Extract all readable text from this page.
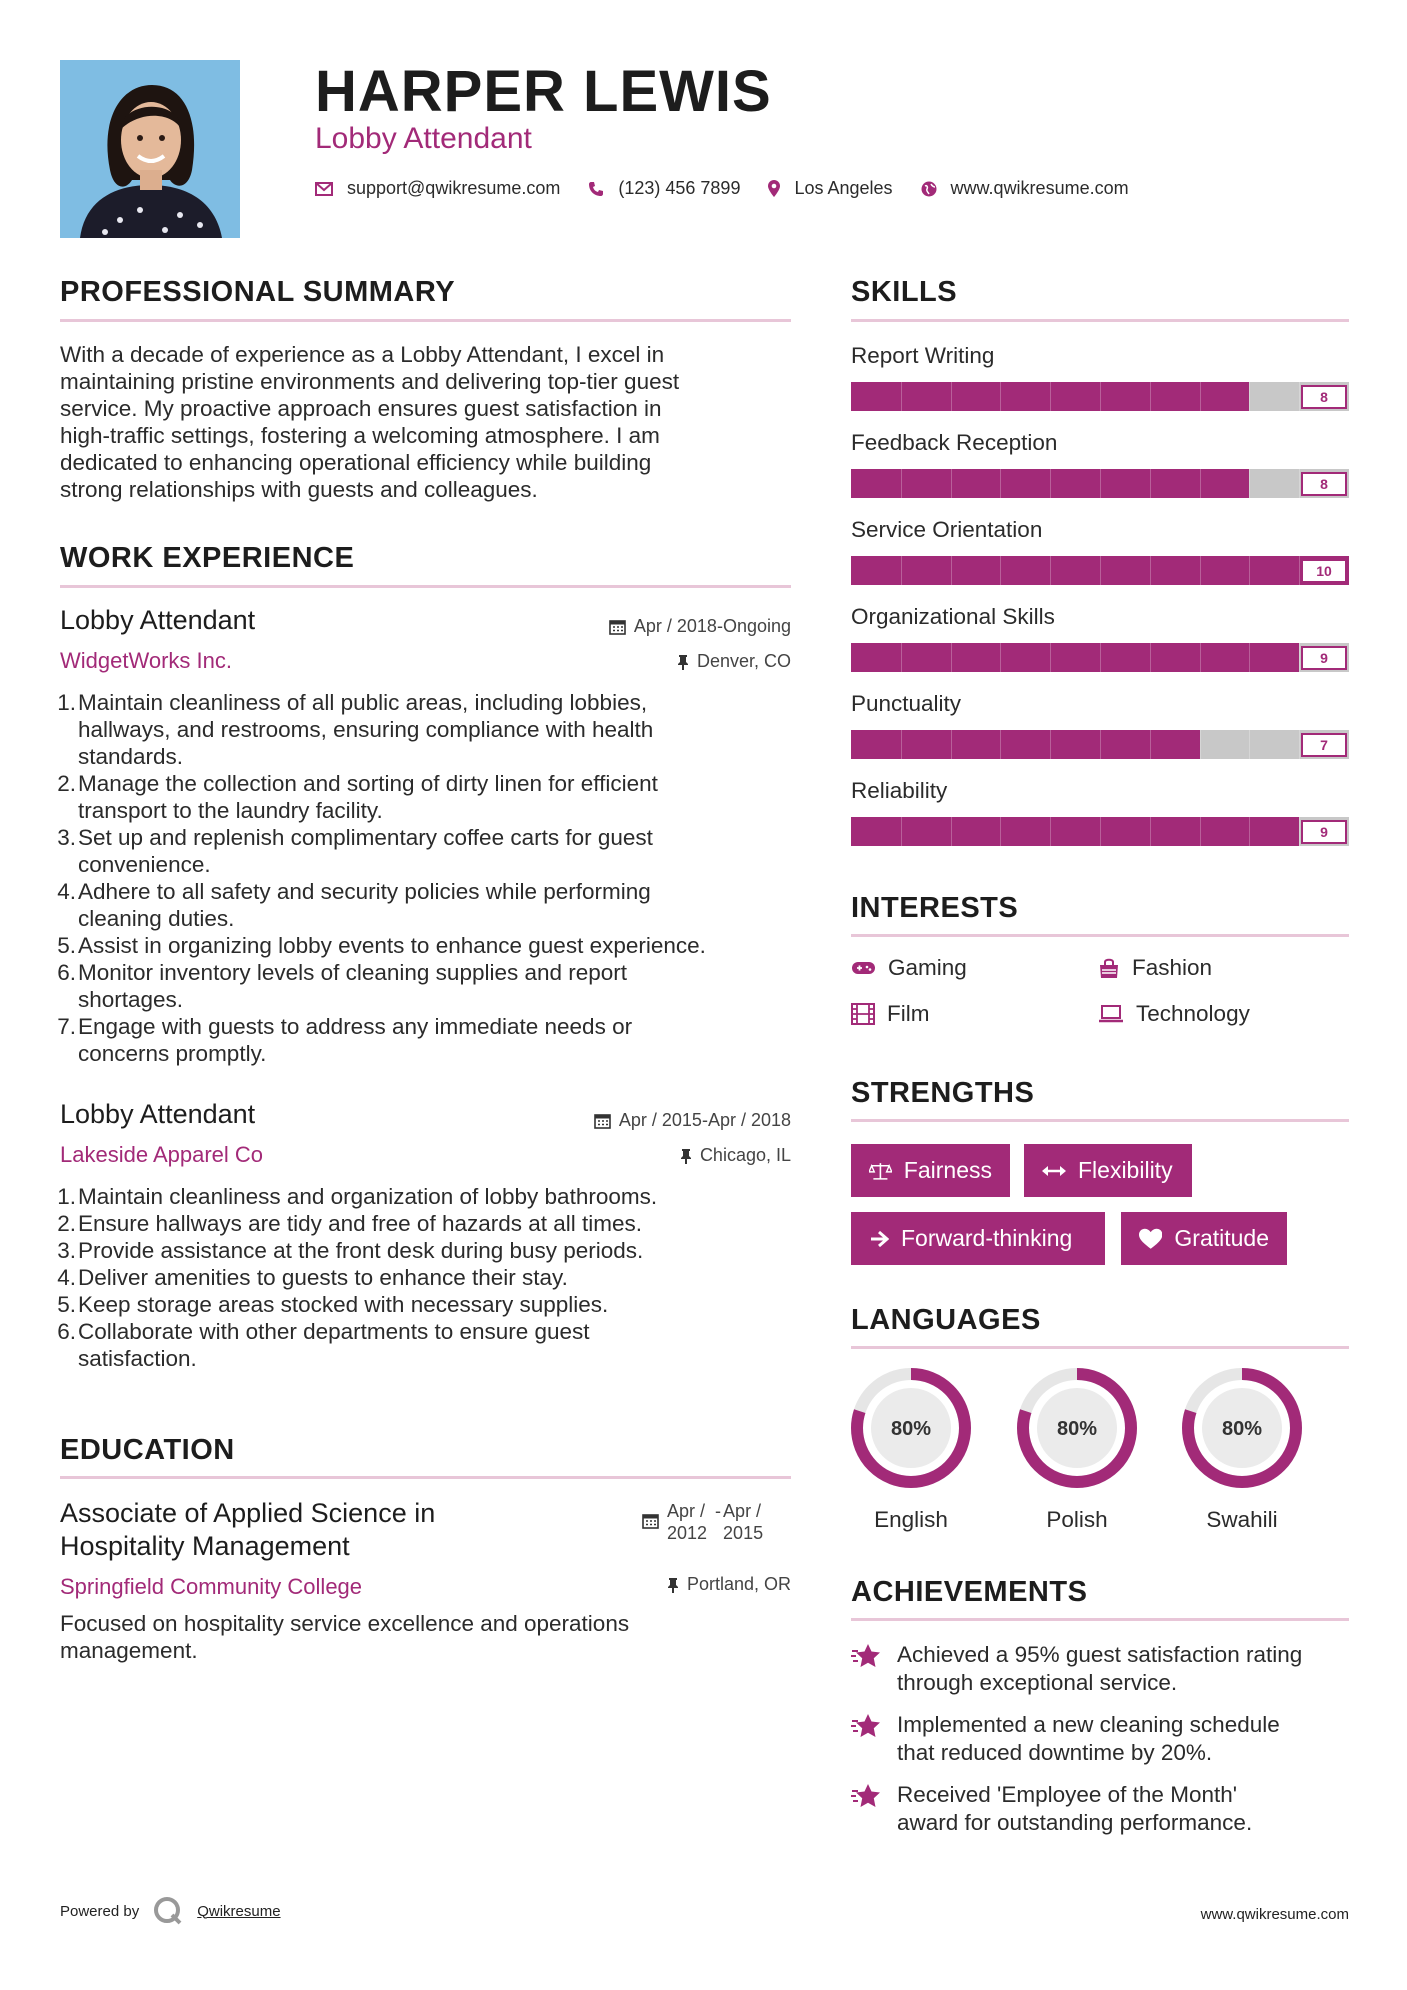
HARPER LEWIS
Lobby Attendant
support@qwikresume.com	(123) 456 7899	Los Angeles	www.qwikresume.com
PROFESSIONAL SUMMARY
With a decade of experience as a Lobby Attendant, I excel in
maintaining pristine environments and delivering top-tier guest
service. My proactive approach ensures guest satisfaction in
high-traffic settings, fostering a welcoming atmosphere. I am
dedicated to enhancing operational efficiency while building
strong relationships with guests and colleagues.
WORK EXPERIENCE
Lobby Attendant	Apr / 2018-Ongoing
WidgetWorks Inc.	Denver, CO
1. Maintain cleanliness of all public areas, including lobbies,
hallways, and restrooms, ensuring compliance with health
standards.
2. Manage the collection and sorting of dirty linen for efficient
transport to the laundry facility.
3. Set up and replenish complimentary coffee carts for guest
convenience.
4. Adhere to all safety and security policies while performing
cleaning duties.
5. Assist in organizing lobby events to enhance guest experience.
6. Monitor inventory levels of cleaning supplies and report
shortages.
7. Engage with guests to address any immediate needs or
concerns promptly.
Lobby Attendant	Apr / 2015-Apr / 2018
Lakeside Apparel Co	Chicago, IL
1. Maintain cleanliness and organization of lobby bathrooms.
2. Ensure hallways are tidy and free of hazards at all times.
3. Provide assistance at the front desk during busy periods.
4. Deliver amenities to guests to enhance their stay.
5. Keep storage areas stocked with necessary supplies.
6. Collaborate with other departments to ensure guest
satisfaction.
EDUCATION
Associate of Applied Science in
Hospitality Management
Apr /
2012
- Apr /
2015
Springfield Community College	Portland, OR
Focused on hospitality service excellence and operations
management.
SKILLS
Report Writing
8
Feedback Reception
8
Service Orientation
10
Organizational Skills
9
Punctuality
7
Reliability
9
INTERESTS
Gaming	Fashion
Film	Technology
STRENGTHS
Fairness	Flexibility
Forward-thinking	Gratitude
LANGUAGES
80%
English
80%
Polish
80%
Swahili
ACHIEVEMENTS
Achieved a 95% guest satisfaction rating
through exceptional service.
Implemented a new cleaning schedule
that reduced downtime by 20%.
Received 'Employee of the Month'
award for outstanding performance.
Powered by	Qwikresume	www.qwikresume.com
